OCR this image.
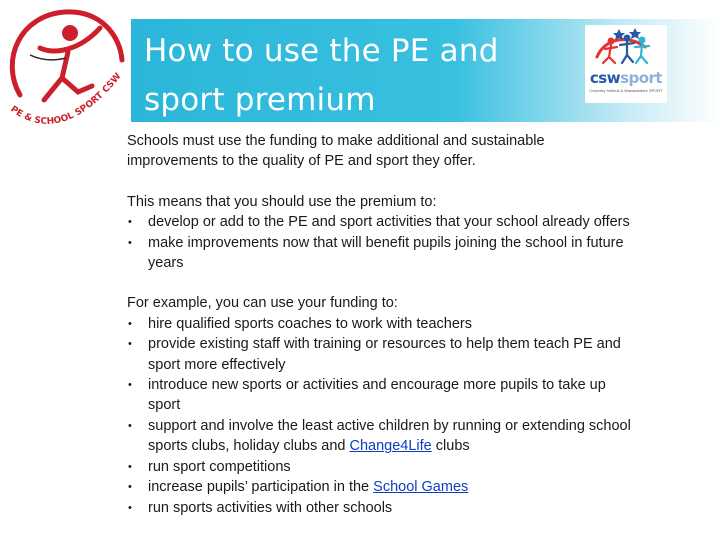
PE & SCHOOL SPORT CSW
How to use the PE and
sport premium
cswsport
Coventry Solihull & Warwickshire SPORT

Schools must use the funding to make additional and sustainable
improvements to the quality of PE and sport they offer.

This means that you should use the premium to:

• develop or add to the PE and sport activities that your school already offers
• make improvements now that will benefit pupils joining the school in future
years

For example, you can use your funding to:

• hire qualified sports coaches to work with teachers
• provide existing staff with training or resources to help them teach PE and
sport more effectively
• introduce new sports or activities and encourage more pupils to take up
sport
• support and involve the least active children by running or extending school
sports clubs, holiday clubs and Change4Life clubs
• run sport competitions
• increase pupils’ participation in the School Games
• run sports activities with other schools
